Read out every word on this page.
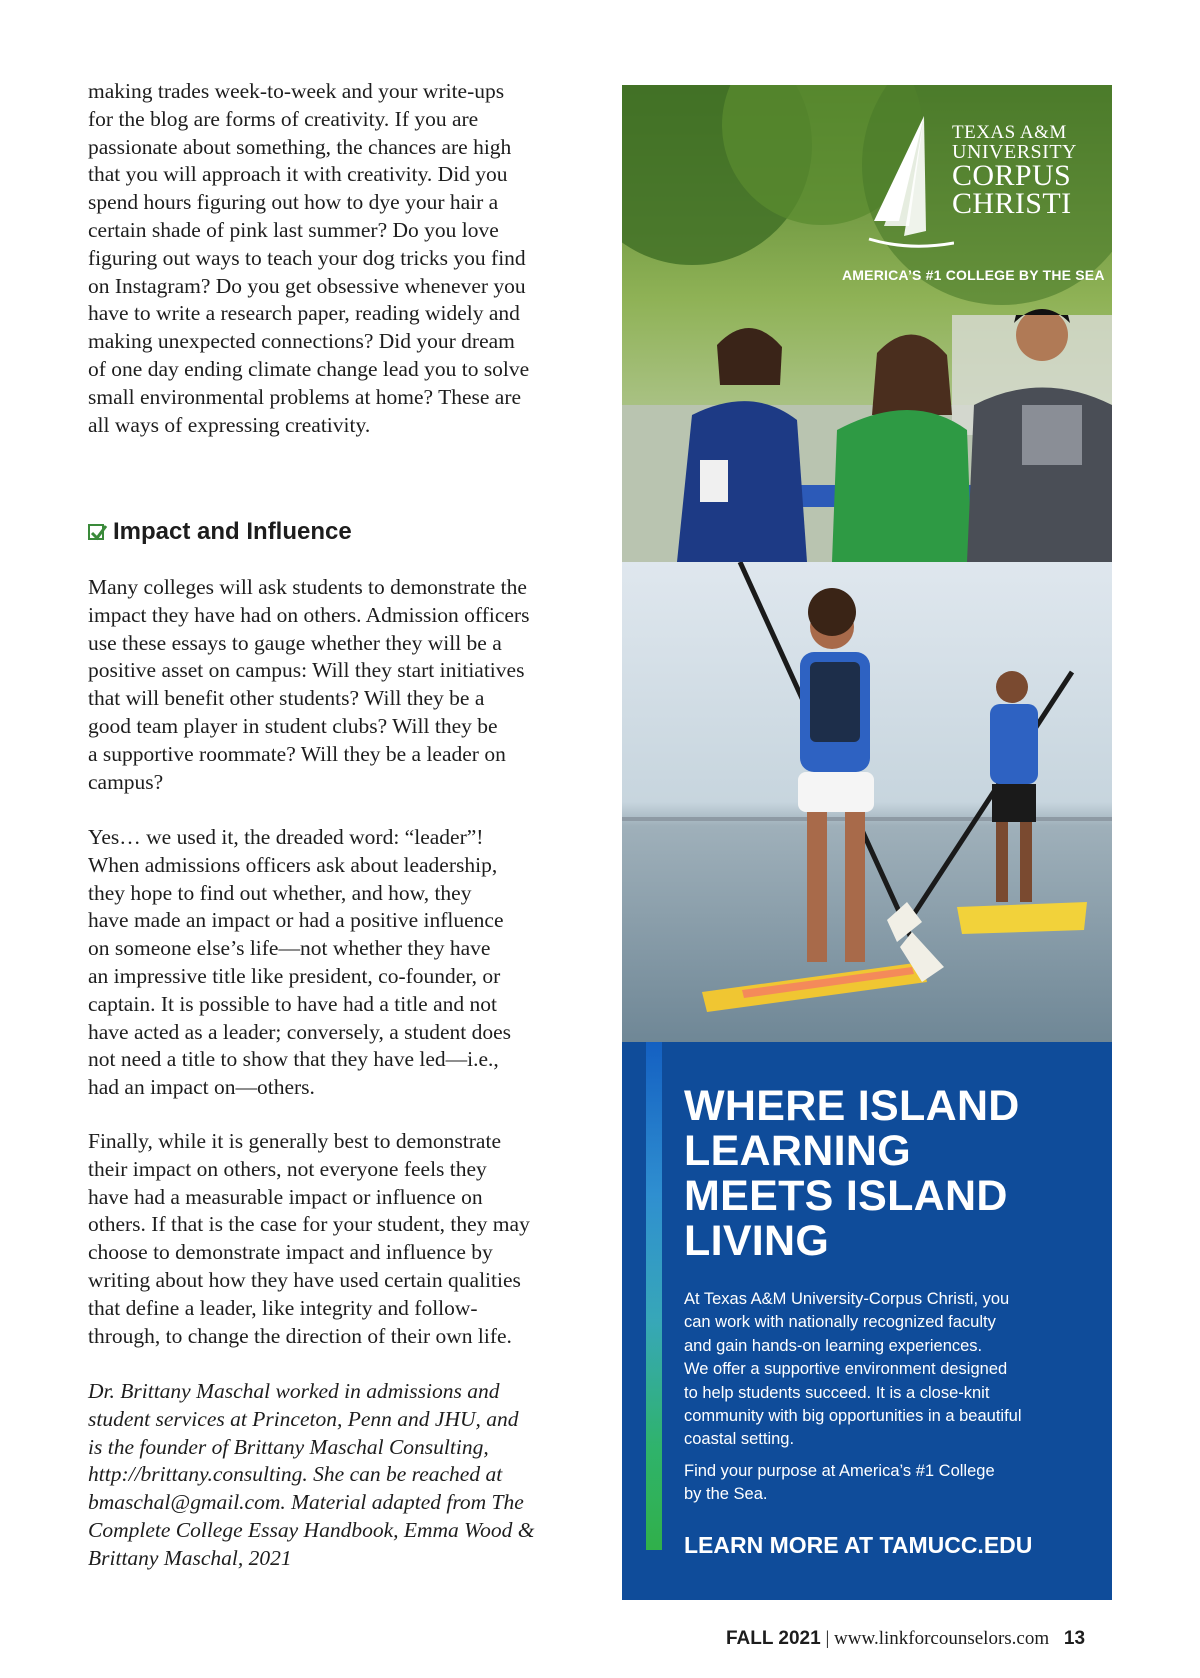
making trades week-to-week and your write-ups
for the blog are forms of creativity. If you are
passionate about something, the chances are high
that you will approach it with creativity. Did you
spend hours figuring out how to dye your hair a
certain shade of pink last summer? Do you love
figuring out ways to teach your dog tricks you find
on Instagram? Do you get obsessive whenever you
have to write a research paper, reading widely and
making unexpected connections? Did your dream
of one day ending climate change lead you to solve
small environmental problems at home? These are
all ways of expressing creativity.

Impact and Influence

Many colleges will ask students to demonstrate the
impact they have had on others. Admission officers
use these essays to gauge whether they will be a
positive asset on campus: Will they start initiatives
that will benefit other students? Will they be a
good team player in student clubs? Will they be
a supportive roommate? Will they be a leader on
campus?

Yes… we used it, the dreaded word: “leader”!
When admissions officers ask about leadership,
they hope to find out whether, and how, they
have made an impact or had a positive influence
on someone else’s life—not whether they have
an impressive title like president, co-founder, or
captain. It is possible to have had a title and not
have acted as a leader; conversely, a student does
not need a title to show that they have led—i.e.,
had an impact on—others.

Finally, while it is generally best to demonstrate
their impact on others, not everyone feels they
have had a measurable impact or influence on
others. If that is the case for your student, they may
choose to demonstrate impact and influence by
writing about how they have used certain qualities
that define a leader, like integrity and follow-
through, to change the direction of their own life.

Dr. Brittany Maschal worked in admissions and
student services at Princeton, Penn and JHU, and
is the founder of Brittany Maschal Consulting,
http://brittany.consulting. She can be reached at
bmaschal@gmail.com. Material adapted from The
Complete College Essay Handbook, Emma Wood &
Brittany Maschal, 2021

TEXAS A&M
UNIVERSITY
CORPUS
CHRISTI
AMERICA’S #1 COLLEGE BY THE SEA

WHERE ISLAND
LEARNING
MEETS ISLAND
LIVING

At Texas A&M University-Corpus Christi, you
can work with nationally recognized faculty
and gain hands-on learning experiences.
We offer a supportive environment designed
to help students succeed. It is a close-knit
community with big opportunities in a beautiful
coastal setting.

Find your purpose at America’s #1 College
by the Sea.

LEARN MORE AT TAMUCC.EDU
FALL 2021 | www.linkforcounselors.com 13
